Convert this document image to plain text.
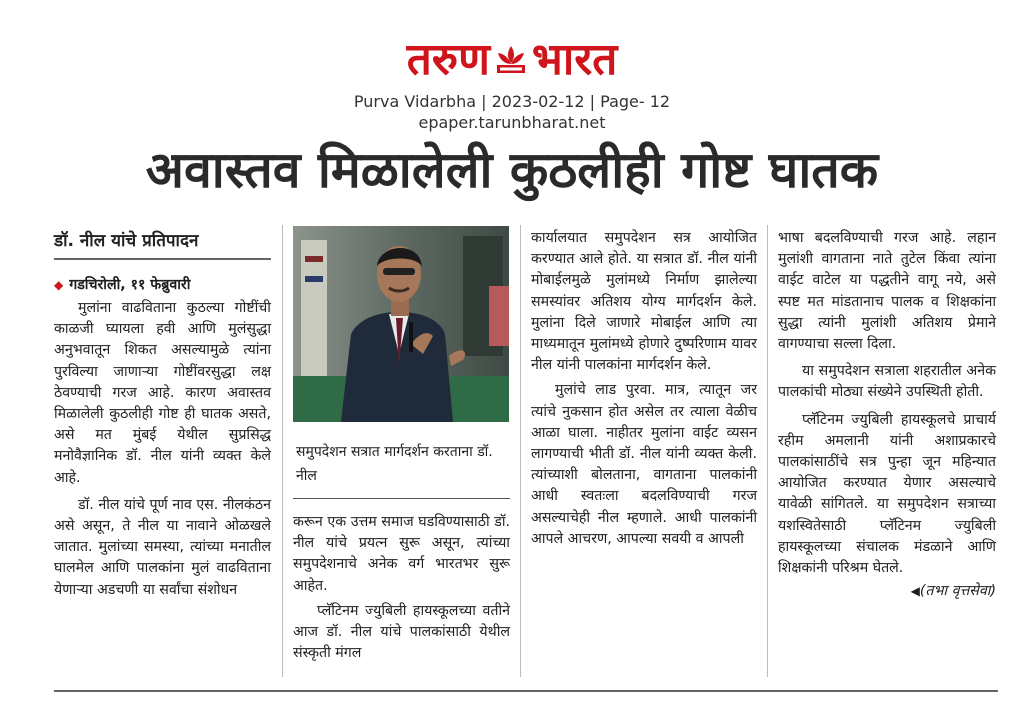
तरुण भारत
Purva Vidarbha | 2023-02-12 | Page- 12
epaper.tarunbharat.net
अवास्तव मिळालेली कुठलीही गोष्ट घातक
डॉ. नील यांचे प्रतिपादन
◆ गडचिरोली, ११ फेब्रुवारी

मुलांना वाढविताना कुठल्या गोष्टींची काळजी घ्यायला हवी आणि मुलंसुद्धा अनुभवातून शिकत असल्यामुळे त्यांना पुरविल्या जाणाऱ्या गोष्टींवरसुद्धा लक्ष ठेवण्याची गरज आहे. कारण अवास्तव मिळालेली कुठलीही गोष्ट ही घातक असते, असे मत मुंबई येथील सुप्रसिद्ध मनोवैज्ञानिक डॉ. नील यांनी व्यक्त केले आहे.

डॉ. नील यांचे पूर्ण नाव एस. नीलकंठन असे असून, ते नील या नावाने ओळखले जातात. मुलांच्या समस्या, त्यांच्या मनातील घालमेल आणि पालकांना मुलं वाढविताना येणाऱ्या अडचणी या सर्वांचा संशोधन

समुपदेशन सत्रात मार्गदर्शन करताना डॉ. नील

करून एक उत्तम समाज घडविण्यासाठी डॉ. नील यांचे प्रयत्न सुरू असून, त्यांच्या समुपदेशनाचे अनेक वर्ग भारतभर सुरू आहेत.

प्लॅटिनम ज्युबिली हायस्कूलच्या वतीने आज डॉ. नील यांचे पालकांसाठी येथील संस्कृती मंगल

कार्यालयात समुपदेशन सत्र आयोजित करण्यात आले होते. या सत्रात डॉ. नील यांनी मोबाईलमुळे मुलांमध्ये निर्माण झालेल्या समस्यांवर अतिशय योग्य मार्गदर्शन केले. मुलांना दिले जाणारे मोबाईल आणि त्या माध्यमातून मुलांमध्ये होणारे दुष्परिणाम यावर नील यांनी पालकांना मार्गदर्शन केले.

मुलांचे लाड पुरवा. मात्र, त्यातून जर त्यांचे नुकसान होत असेल तर त्याला वेळीच आळा घाला. नाहीतर मुलांना वाईट व्यसन लागण्याची भीती डॉ. नील यांनी व्यक्त केली. त्यांच्याशी बोलताना, वागताना पालकांनी आधी स्वतःला बदलविण्याची गरज असल्याचेही नील म्हणाले. आधी पालकांनी आपले आचरण, आपल्या सवयी व आपली

भाषा बदलविण्याची गरज आहे. लहान मुलांशी वागताना नाते तुटेल किंवा त्यांना वाईट वाटेल या पद्धतीने वागू नये, असे स्पष्ट मत मांडतानाच पालक व शिक्षकांना सुद्धा त्यांनी मुलांशी अतिशय प्रेमाने वागण्याचा सल्ला दिला.

या समुपदेशन सत्राला शहरातील अनेक पालकांची मोठ्या संख्येने उपस्थिती होती.

प्लॅटिनम ज्युबिली हायस्कूलचे प्राचार्य रहीम अमलानी यांनी अशाप्रकारचे पालकांसाठींचे सत्र पुन्हा जून महिन्यात आयोजित करण्यात येणार असल्याचे यावेळी सांगितले. या समुपदेशन सत्राच्या यशस्वितेसाठी प्लॅटिनम ज्युबिली हायस्कूलच्या संचालक मंडळाने आणि शिक्षकांनी परिश्रम घेतले.

◀(तभा वृत्तसेवा)
